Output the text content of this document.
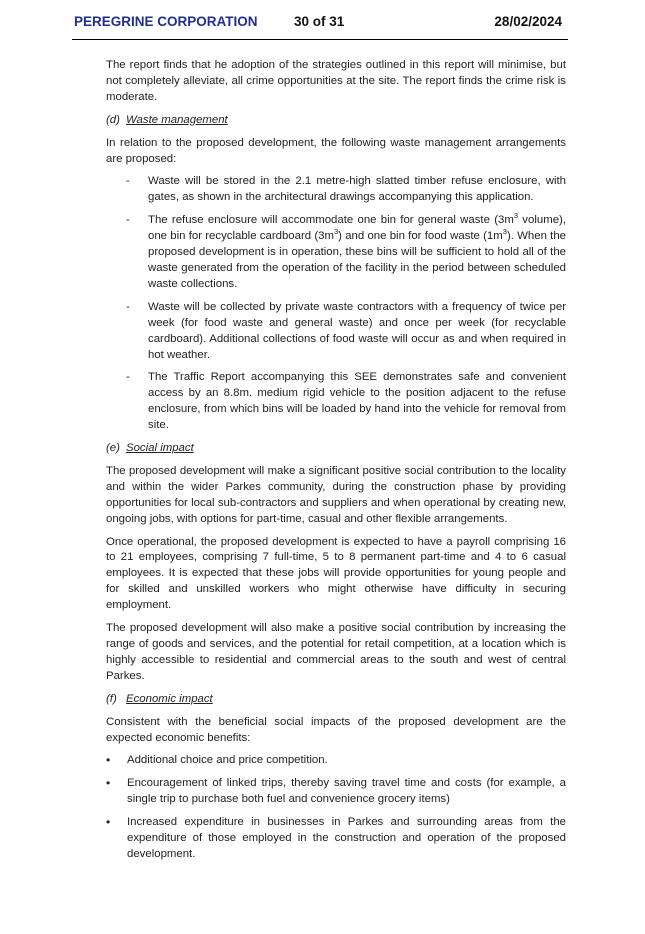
PEREGRINE CORPORATION	30 of 31	28/02/2024

The report finds that he adoption of the strategies outlined in this report will minimise, but not completely alleviate, all crime opportunities at the site. The report finds the crime risk is moderate.

(d) Waste management

In relation to the proposed development, the following waste management arrangements are proposed:

- Waste will be stored in the 2.1 metre-high slatted timber refuse enclosure, with gates, as shown in the architectural drawings accompanying this application.
- The refuse enclosure will accommodate one bin for general waste ($3m^3$ volume), one bin for recyclable cardboard $(3m^3)$ and one bin for food waste $(1m^3)$. When the proposed development is in operation, these bins will be sufficient to hold all of the waste generated from the operation of the facility in the period between scheduled waste collections.
- Waste will be collected by private waste contractors with a frequency of twice per week (for food waste and general waste) and once per week (for recyclable cardboard). Additional collections of food waste will occur as and when required in hot weather.
- The Traffic Report accompanying this SEE demonstrates safe and convenient access by an 8.8m. medium rigid vehicle to the position adjacent to the refuse enclosure, from which bins will be loaded by hand into the vehicle for removal from site.
(e) Social impact

The proposed development will make a significant positive social contribution to the locality and within the wider Parkes community, during the construction phase by providing opportunities for local sub-contractors and suppliers and when operational by creating new, ongoing jobs, with options for part-time, casual and other flexible arrangements.

Once operational, the proposed development is expected to have a payroll comprising 16 to 21 employees, comprising 7 full-time, 5 to 8 permanent part-time and 4 to 6 casual employees. It is expected that these jobs will provide opportunities for young people and for skilled and unskilled workers who might otherwise have difficulty in securing employment.

The proposed development will also make a positive social contribution by increasing the range of goods and services, and the potential for retail competition, at a location which is highly accessible to residential and commercial areas to the south and west of central Parkes.

(f) Economic impact

Consistent with the beneficial social impacts of the proposed development are the expected economic benefits:

• Additional choice and price competition.
• Encouragement of linked trips, thereby saving travel time and costs (for example, a single trip to purchase both fuel and convenience grocery items)
• Increased expenditure in businesses in Parkes and surrounding areas from the expenditure of those employed in the construction and operation of the proposed development.
